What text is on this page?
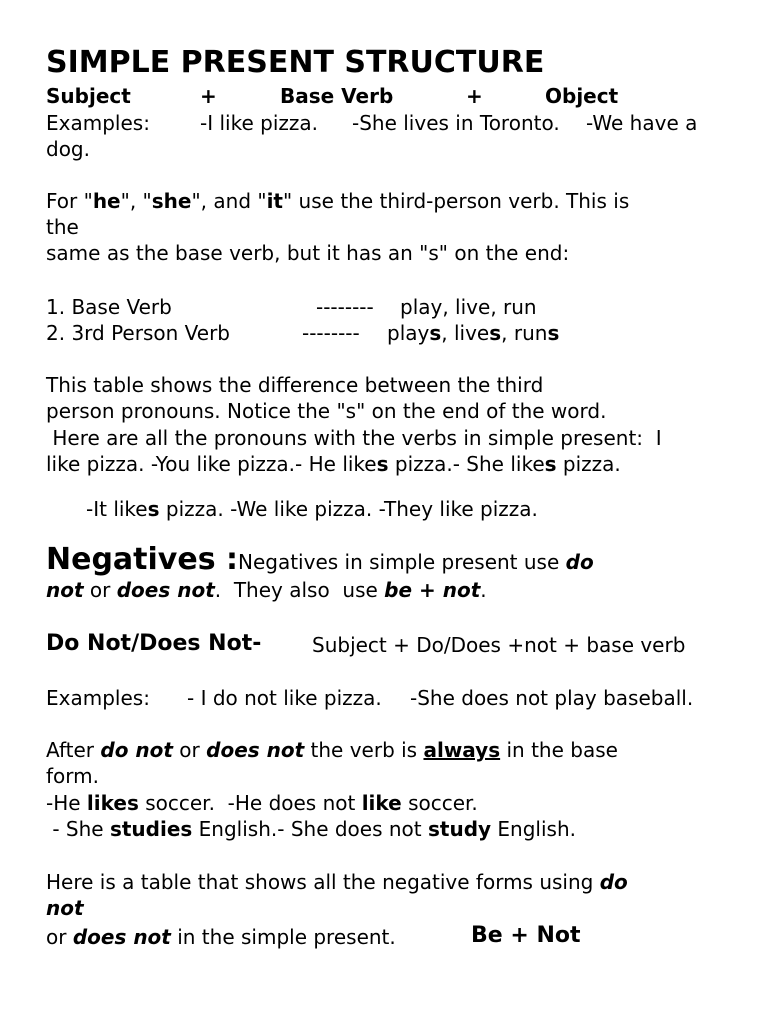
SIMPLE PRESENT STRUCTURE
Subject	+	Base Verb	+	Object
Examples:	-I like pizza. -She lives in Toronto. -We have a
dog.
For "he", "she", and "it" use the third-person verb. This is
the
same as the base verb, but it has an "s" on the end:
1. Base Verb	-------- play, live, run
2. 3rd Person Verb	-------- plays, lives, runs
This table shows the difference between the third
person pronouns. Notice the "s" on the end of the word.
Here are all the pronouns with the verbs in simple present:  I
like pizza. -You like pizza.- He likes pizza.- She likes pizza.
-It likes pizza. -We like pizza. -They like pizza.
Negatives :Negatives in simple present use do
not or does not.  They also  use be + not.
Do Not/Does Not-	Subject + Do/Does +not + base verb
Examples: - I do not like pizza. -She does not play baseball.
After do not or does not the verb is always in the base
form.
-He likes soccer.  -He does not like soccer.
- She studies English.- She does not study English.
Here is a table that shows all the negative forms using do
not
or does not in the simple present.	Be + Not
